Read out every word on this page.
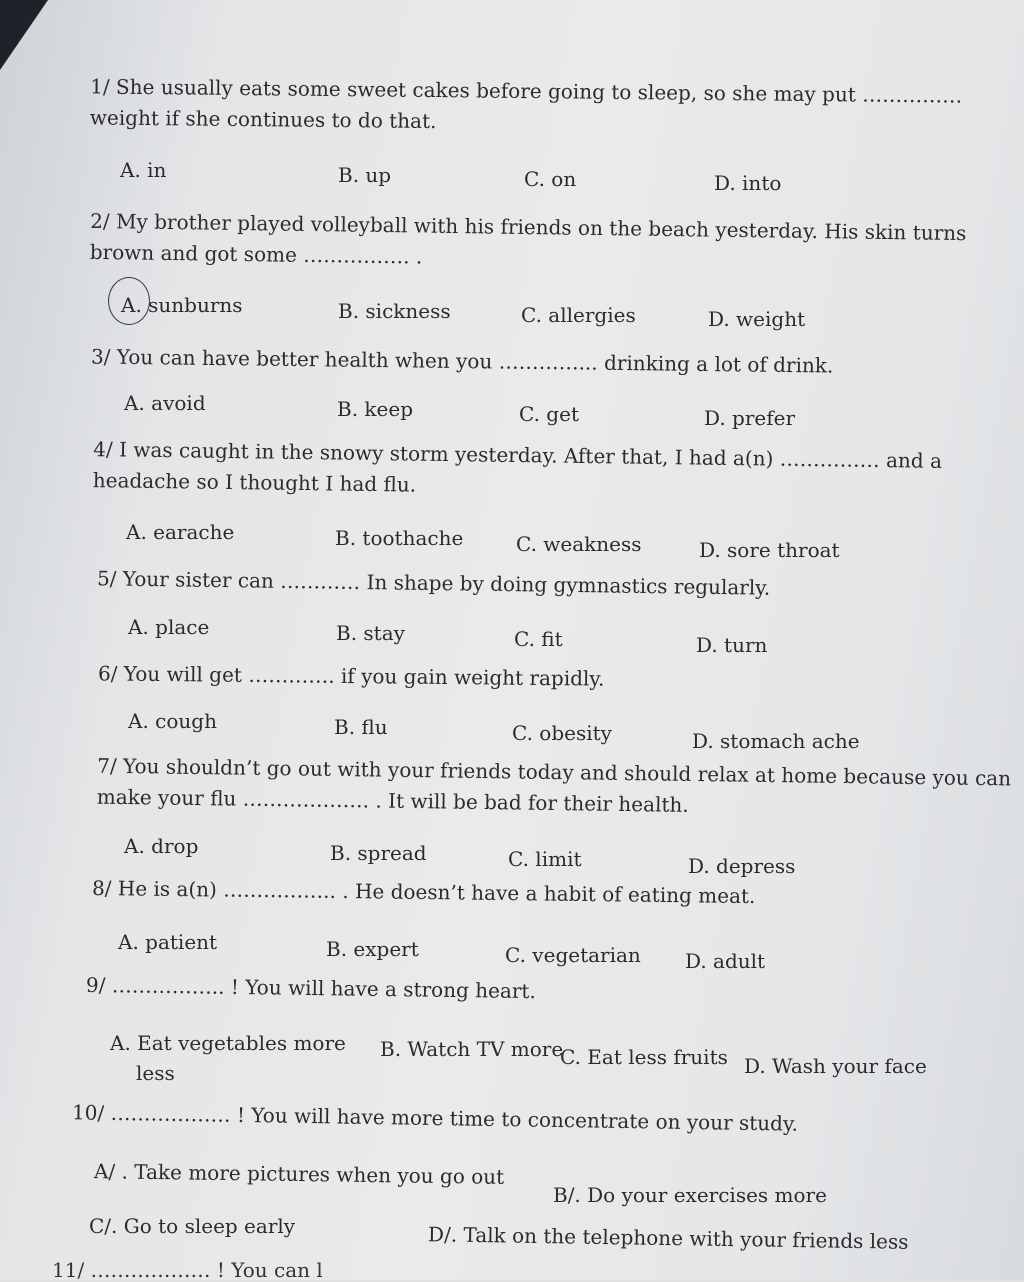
1/ She usually eats some sweet cakes before going to sleep, so she may put ……………
weight if she continues to do that.
A. in	B. up	C. on	D. into
2/ My brother played volleyball with his friends on the beach yesterday. His skin turns
brown and got some ……………. .
A. sunburns	B. sickness	C. allergies	D. weight
3/ You can have better health when you …………... drinking a lot of drink.
A. avoid	B. keep	C. get	D. prefer
4/ I was caught in the snowy storm yesterday. After that, I had a(n) …………… and a
headache so I thought I had flu.
A. earache	B. toothache	C. weakness	D. sore throat
5/ Your sister can ………… In shape by doing gymnastics regularly.
A. place	B. stay	C. fit	D. turn
6/ You will get …………. if you gain weight rapidly.
A. cough	B. flu	C. obesity	D. stomach ache
7/ You shouldn’t go out with your friends today and should relax at home because you can
make your flu ………………. . It will be bad for their health.
A. drop	B. spread	C. limit	D. depress
8/ He is a(n) …………….. . He doesn’t have a habit of eating meat.
A. patient	B. expert	C. vegetarian D. adult
9/ …………….. ! You will have a strong heart.
A. Eat vegetables more
less
B. Watch TV more
C. Eat less fruits D. Wash your face
10/ ……………… ! You will have more time to concentrate on your study.
A/ . Take more pictures when you go out
B/. Do your exercises more
C/. Go to sleep early	D/. Talk on the telephone with your friends less
11/ ……………… ! You can l
